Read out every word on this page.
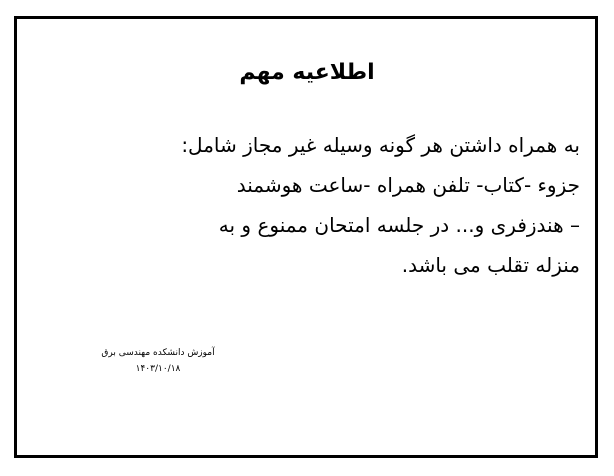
اطلاعیه مهم
به همراه داشتن هر گونه وسیله غیر مجاز شامل:
جزوء -کتاب- تلفن همراه -ساعت هوشمند
– هندزفری و... در جلسه امتحان ممنوع و به
منزله تقلب می باشد.
آموزش دانشکده مهندسی برق
۱۴۰۳/۱۰/۱۸
